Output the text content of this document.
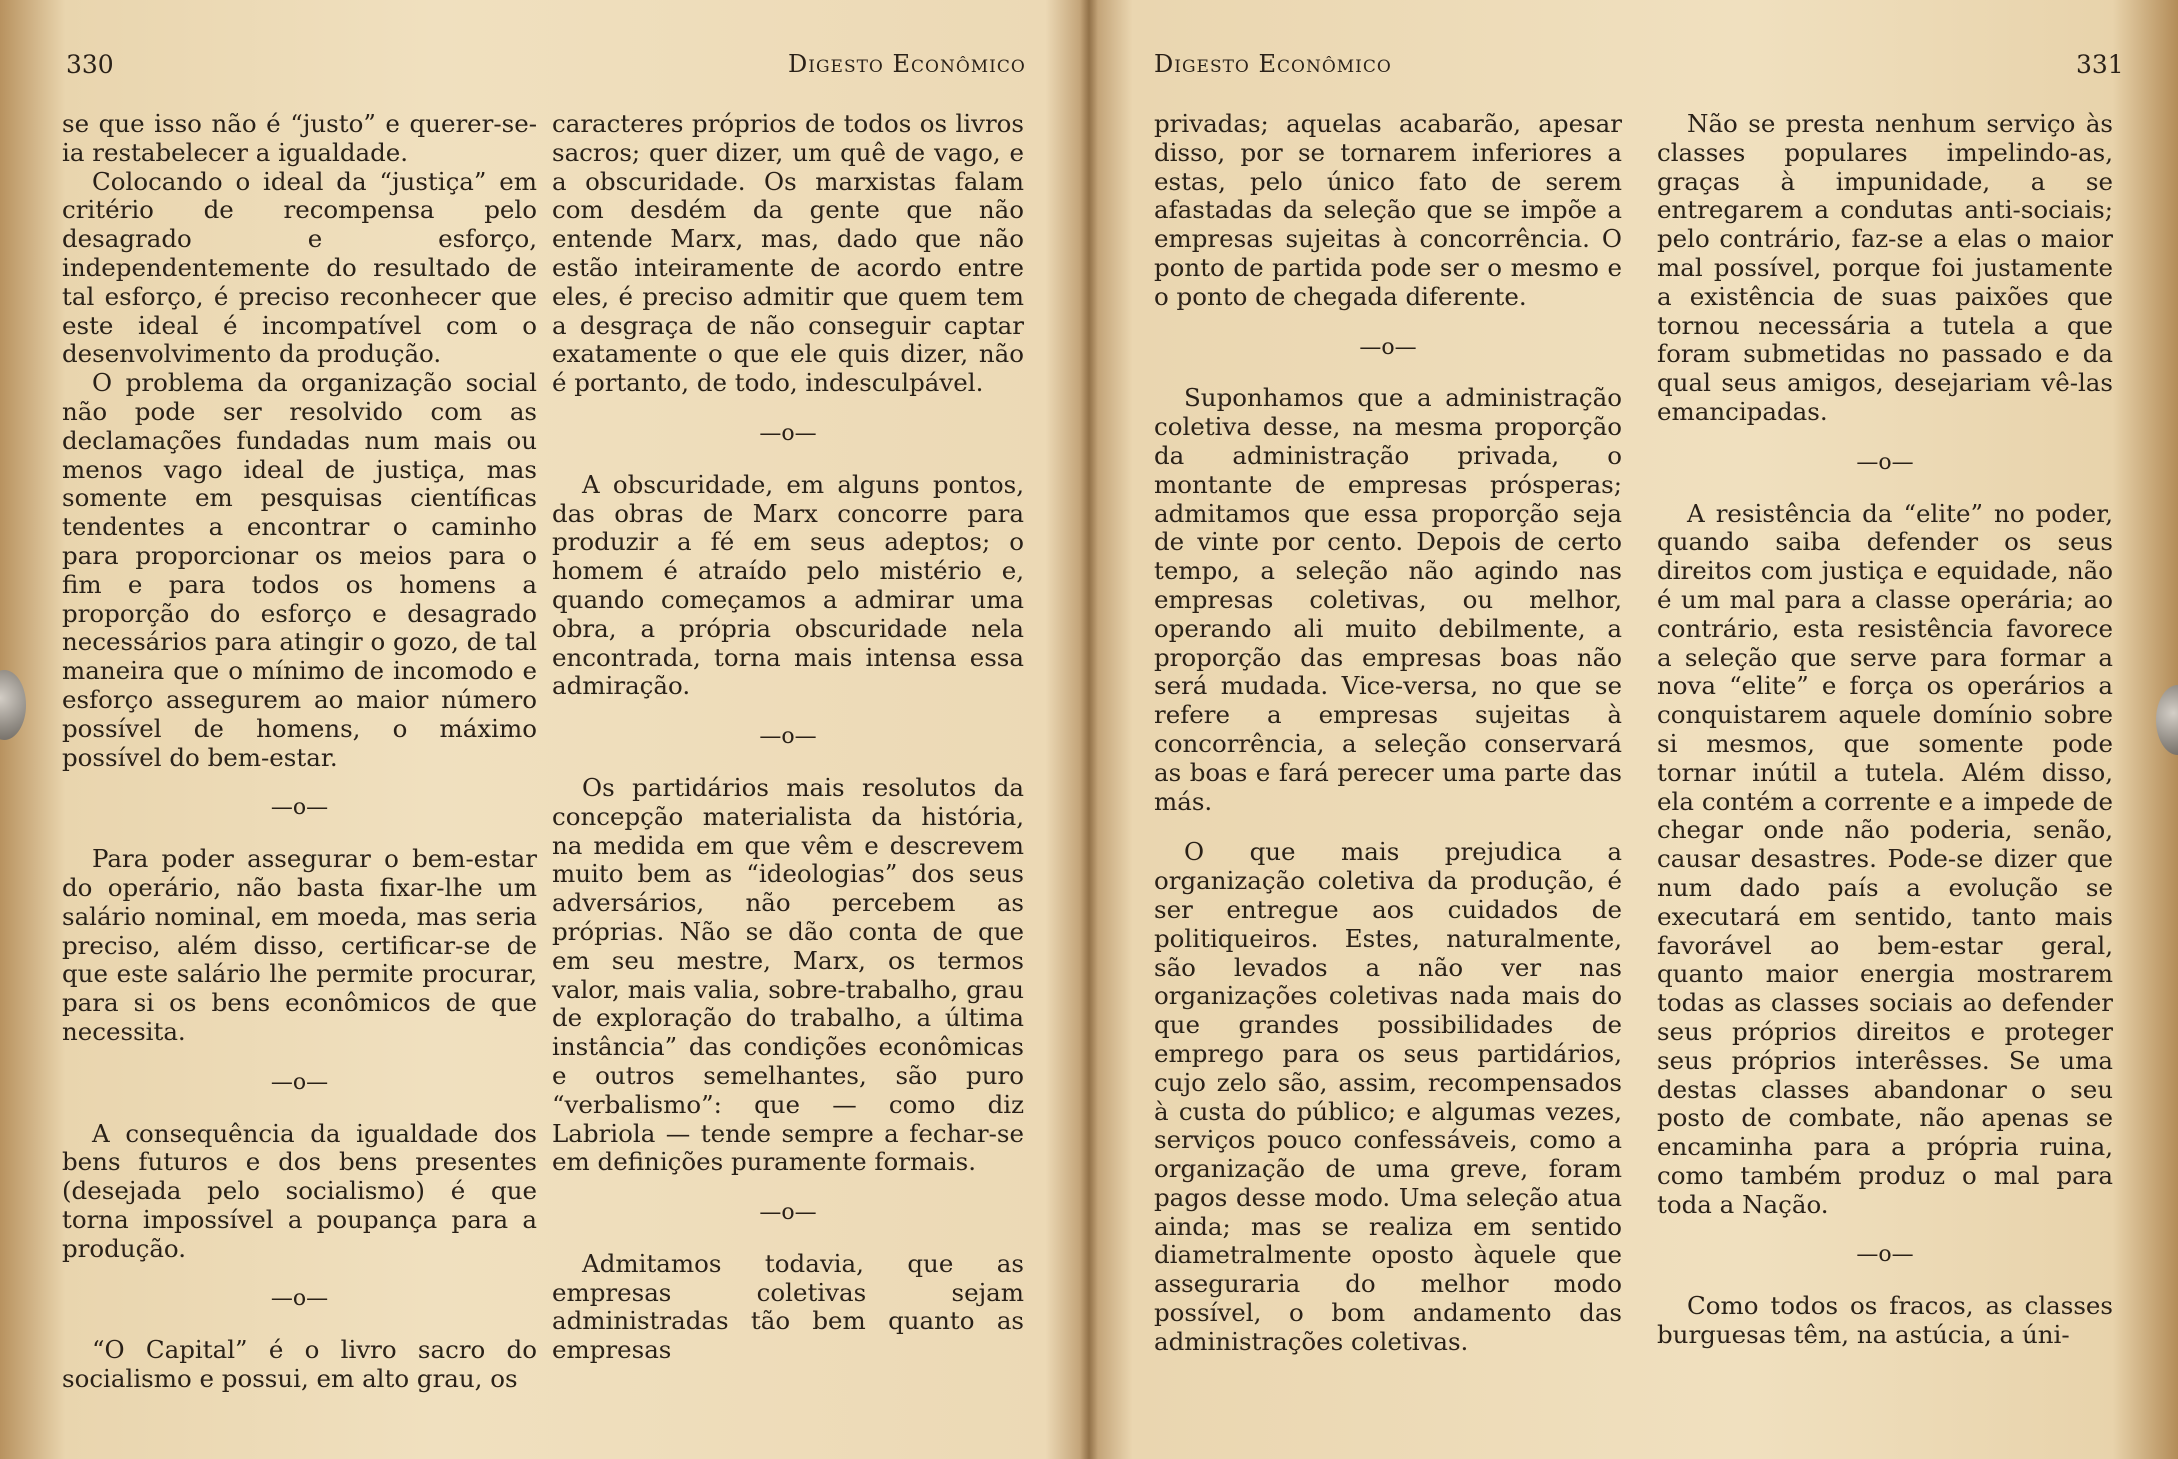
330	Digesto Econômico

se que isso não é “justo” e querer-se-ia restabelecer a igualdade.

Colocando o ideal da “justiça” em critério de recompensa pelo desagrado e esforço, independentemente do resultado de tal esforço, é preciso reconhecer que este ideal é incompatível com o desenvolvimento da produção.

O problema da organização social não pode ser resolvido com as declamações fundadas num mais ou menos vago ideal de justiça, mas somente em pesquisas científicas tendentes a encontrar o caminho para proporcionar os meios para o fim e para todos os homens a proporção do esforço e desagrado necessários para atingir o gozo, de tal maneira que o mínimo de incomodo e esforço assegurem ao maior número possível de homens, o máximo possível do bem-estar.

—o—

Para poder assegurar o bem-estar do operário, não basta fixar-lhe um salário nominal, em moeda, mas seria preciso, além disso, certificar-se de que este salário lhe permite procurar, para si os bens econômicos de que necessita.

—o—

A consequência da igualdade dos bens futuros e dos bens presentes (desejada pelo socialismo) é que torna impossível a poupança para a produção.

—o—

“O Capital” é o livro sacro do socialismo e possui, em alto grau, os

caracteres próprios de todos os livros sacros; quer dizer, um quê de vago, e a obscuridade. Os marxistas falam com desdém da gente que não entende Marx, mas, dado que não estão inteiramente de acordo entre eles, é preciso admitir que quem tem a desgraça de não conseguir captar exatamente o que ele quis dizer, não é portanto, de todo, indesculpável.

—o—

A obscuridade, em alguns pontos, das obras de Marx concorre para produzir a fé em seus adeptos; o homem é atraído pelo mistério e, quando começamos a admirar uma obra, a própria obscuridade nela encontrada, torna mais intensa essa admiração.

—o—

Os partidários mais resolutos da concepção materialista da história, na medida em que vêm e descrevem muito bem as “ideologias” dos seus adversários, não percebem as próprias. Não se dão conta de que em seu mestre, Marx, os termos valor, mais valia, sobre-trabalho, grau de exploração do trabalho, a última instância” das condições econômicas e outros semelhantes, são puro “verbalismo”: que — como diz Labriola — tende sempre a fechar-se em definições puramente formais.

—o—

Admitamos todavia, que as empresas coletivas sejam administradas tão bem quanto as empresas

Digesto Econômico	331

privadas; aquelas acabarão, apesar disso, por se tornarem inferiores a estas, pelo único fato de serem afastadas da seleção que se impõe a empresas sujeitas à concorrência. O ponto de partida pode ser o mesmo e o ponto de chegada diferente.

—o—

Suponhamos que a administração coletiva desse, na mesma proporção da administração privada, o montante de empresas prósperas; admitamos que essa proporção seja de vinte por cento. Depois de certo tempo, a seleção não agindo nas empresas coletivas, ou melhor, operando ali muito debilmente, a proporção das empresas boas não será mudada. Vice-versa, no que se refere a empresas sujeitas à concorrência, a seleção conservará as boas e fará perecer uma parte das más.

O que mais prejudica a organização coletiva da produção, é ser entregue aos cuidados de politiqueiros. Estes, naturalmente, são levados a não ver nas organizações coletivas nada mais do que grandes possibilidades de emprego para os seus partidários, cujo zelo são, assim, recompensados à custa do público; e algumas vezes, serviços pouco confessáveis, como a organização de uma greve, foram pagos desse modo. Uma seleção atua ainda; mas se realiza em sentido diametralmente oposto àquele que asseguraria do melhor modo possível, o bom andamento das administrações coletivas.

Não se presta nenhum serviço às classes populares impelindo-as, graças à impunidade, a se entregarem a condutas anti-sociais; pelo contrário, faz-se a elas o maior mal possível, porque foi justamente a existência de suas paixões que tornou necessária a tutela a que foram submetidas no passado e da qual seus amigos, desejariam vê-las emancipadas.

—o—

A resistência da “elite” no poder, quando saiba defender os seus direitos com justiça e equidade, não é um mal para a classe operária; ao contrário, esta resistência favorece a seleção que serve para formar a nova “elite” e força os operários a conquistarem aquele domínio sobre si mesmos, que somente pode tornar inútil a tutela. Além disso, ela contém a corrente e a impede de chegar onde não poderia, senão, causar desastres. Pode-se dizer que num dado país a evolução se executará em sentido, tanto mais favorável ao bem-estar geral, quanto maior energia mostrarem todas as classes sociais ao defender seus próprios direitos e proteger seus próprios interêsses. Se uma destas classes abandonar o seu posto de combate, não apenas se encaminha para a própria ruina, como também produz o mal para toda a Nação.

—o—

Como todos os fracos, as classes burguesas têm, na astúcia, a úni-
